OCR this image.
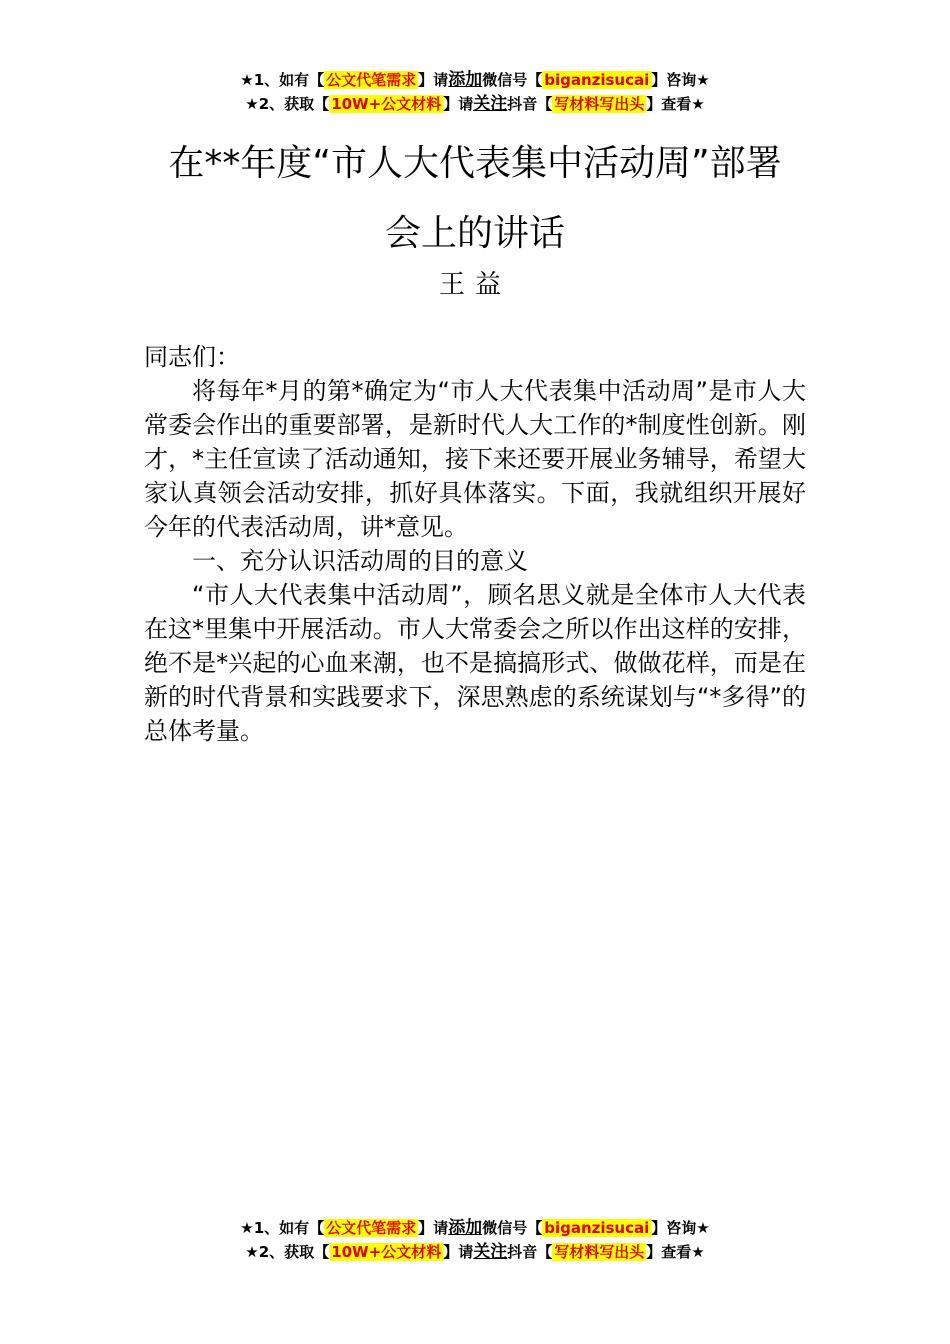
★1、如有【 公文代笔需求 】请添加微信号【 biganzisucai 】咨询★
★2、获取【 10W+公文材料 】请关注抖音【 写材料写出头 】查看★
在**年度“市人大代表集中活动周”部署
会上的讲话
王益

同志们：

将每年*月的第*确定为“市人大代表集中活动周”是市人大常委会作出的重要部署，是新时代人大工作的*制度性创新。刚才，*主任宣读了活动通知，接下来还要开展业务辅导，希望大家认真领会活动安排，抓好具体落实。下面，我就组织开展好今年的代表活动周，讲*意见。

一、充分认识活动周的目的意义

“市人大代表集中活动周”，顾名思义就是全体市人大代表在这*里集中开展活动。市人大常委会之所以作出这样的安排，绝不是*兴起的心血来潮，也不是搞搞形式、做做花样，而是在新的时代背景和实践要求下，深思熟虑的系统谋划与“*多得”的总体考量。

★1、如有【 公文代笔需求 】请添加微信号【 biganzisucai 】咨询★
★2、获取【 10W+公文材料 】请关注抖音【 写材料写出头 】查看★
